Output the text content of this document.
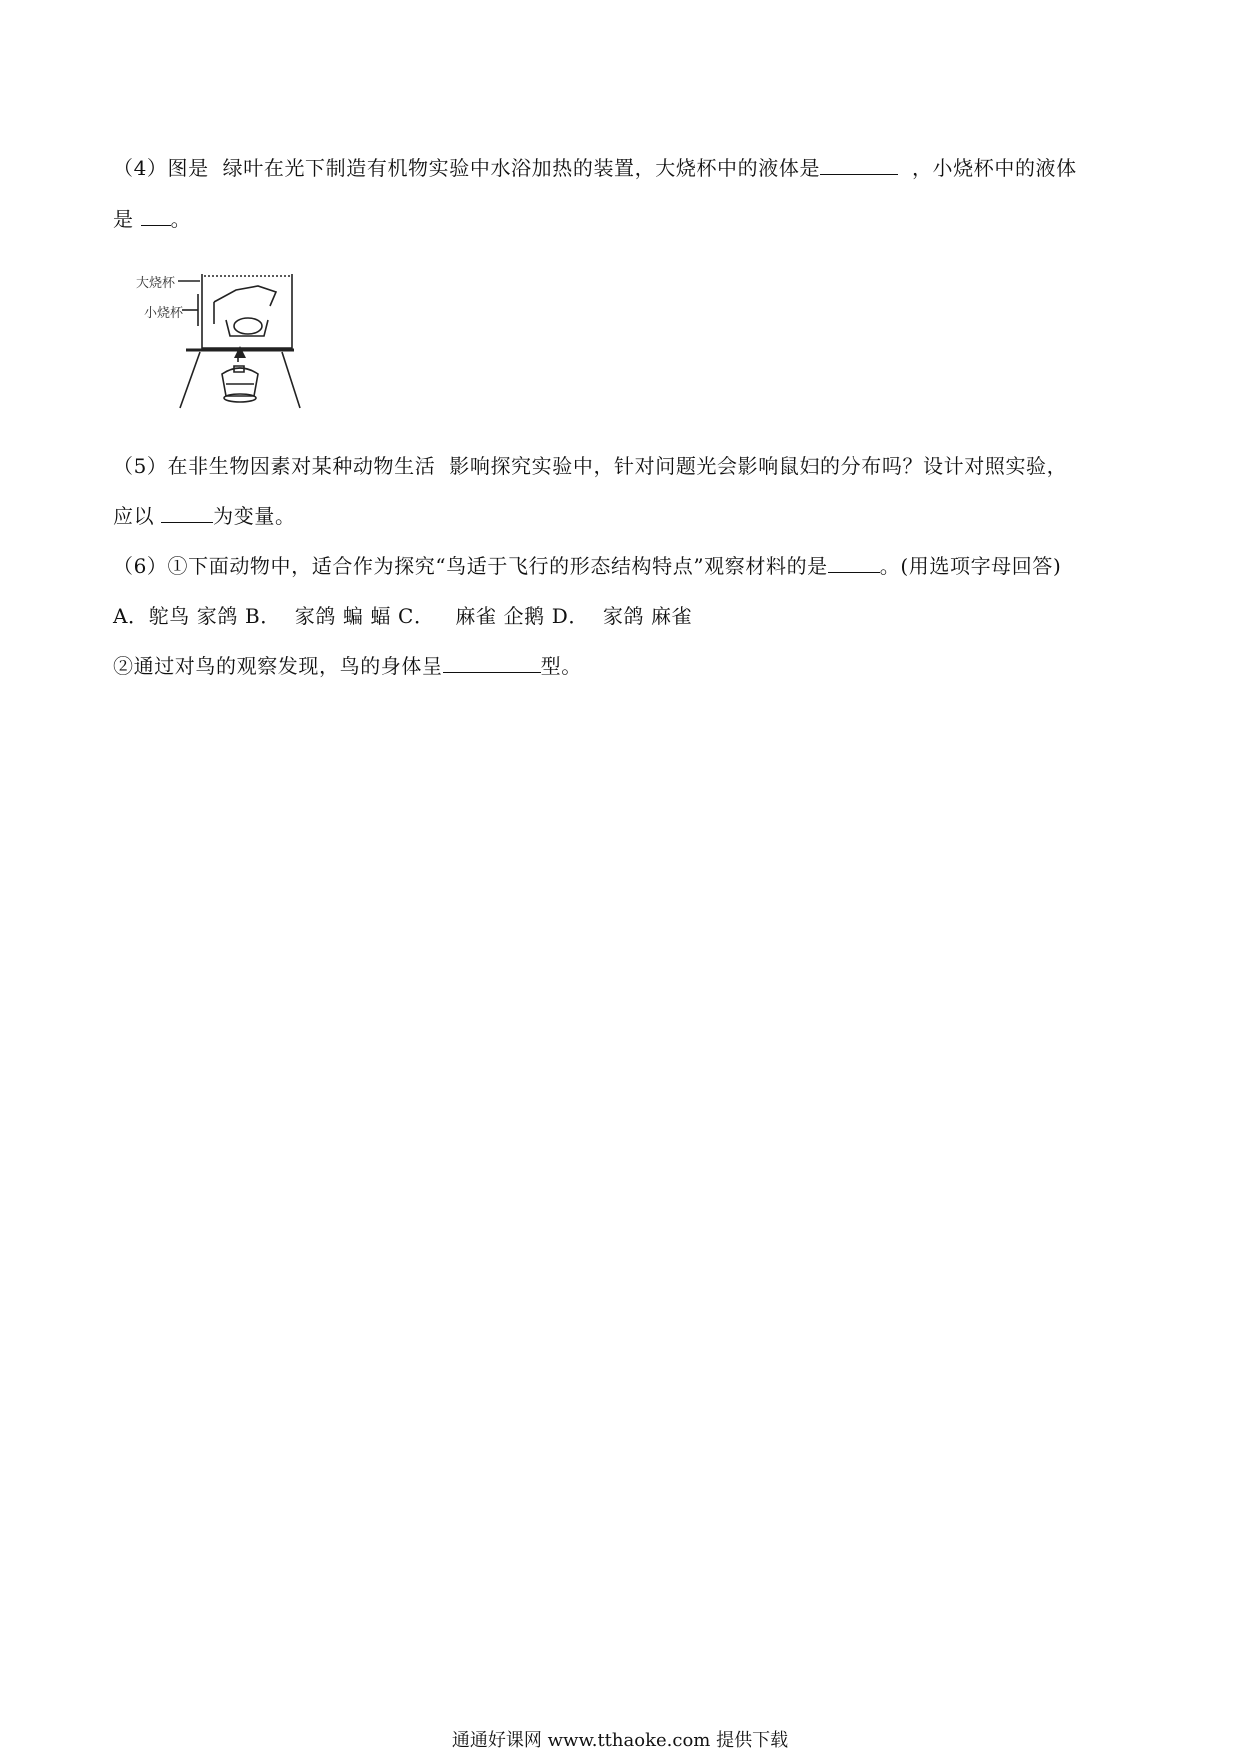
（4）图是  绿叶在光下制造有机物实验中水浴加热的装置，大烧杯中的液体是	，小烧杯中的液体
是 。
大烧杯
小烧杯
（5）在非生物因素对某种动物生活  影响探究实验中，针对问题光会影响鼠妇的分布吗？设计对照实验，
应以	为变量。
（6）①下面动物中，适合作为探究“鸟适于飞行的形态结构特点”观察材料的是	。(用选项字母回答)
A．鸵鸟 家鸽 B．  家鸽 蝙 蝠 C．   麻雀 企鹅 D．  家鸽 麻雀
②通过对鸟的观察发现，鸟的身体呈	型。
通通好课网 www.tthaoke.com 提供下载
